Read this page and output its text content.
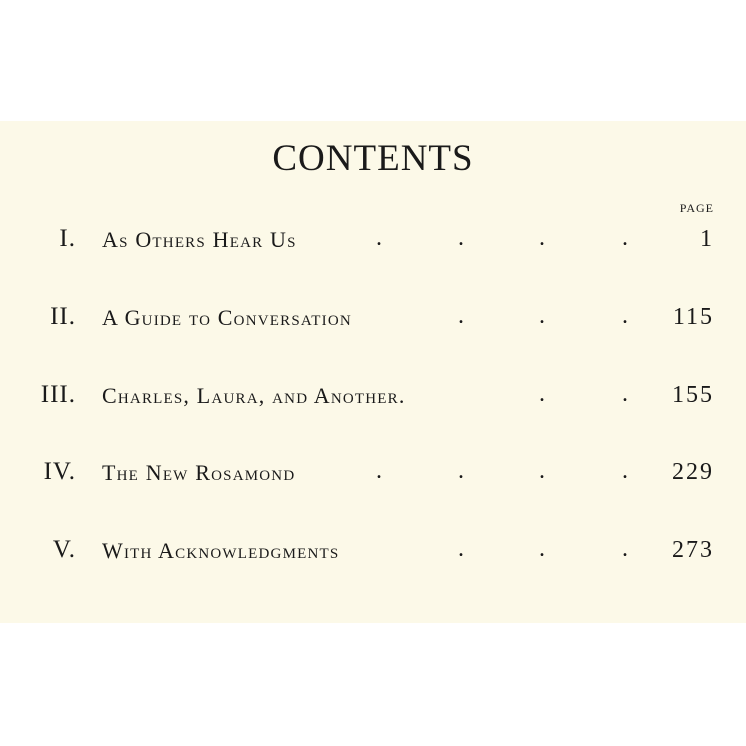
CONTENTS
PAGE
I. As Others Hear Us	.	.	.	.	1
II. A Guide to Conversation	.	.	. 115
III. Charles, Laura, and Another.	.	. 155
IV. The New Rosamond	.	.	.	. 229
V. With Acknowledgments	.	.	. 273
